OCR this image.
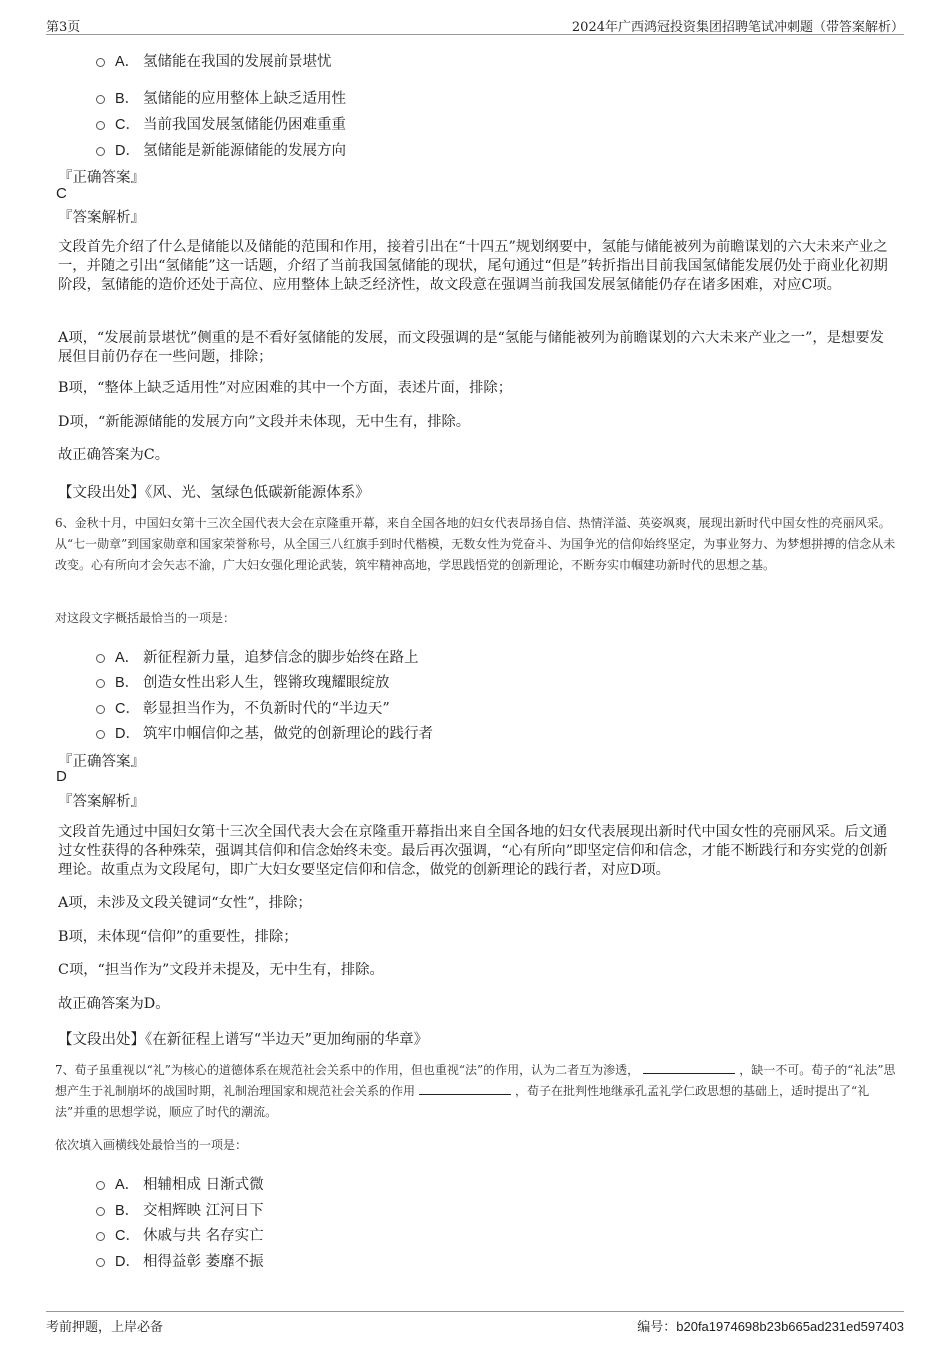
第3页	2024年广西鸿冠投资集团招聘笔试冲刺题（带答案解析）
A． 氢储能在我国的发展前景堪忧
B． 氢储能的应用整体上缺乏适用性
C． 当前我国发展氢储能仍困难重重
D． 氢储能是新能源储能的发展方向
『正确答案』
C
『答案解析』
文段首先介绍了什么是储能以及储能的范围和作用，接着引出在“十四五”规划纲要中，氢能与储能被列为前瞻谋划的六大未来产业之一，并随之引出“氢储能”这一话题，介绍了当前我国氢储能的现状，尾句通过“但是”转折指出目前我国氢储能发展仍处于商业化初期阶段，氢储能的造价还处于高位、应用整体上缺乏经济性，故文段意在强调当前我国发展氢储能仍存在诸多困难，对应C项。
A项，“发展前景堪忧”侧重的是不看好氢储能的发展，而文段强调的是“氢能与储能被列为前瞻谋划的六大未来产业之一”，是想要发展但目前仍存在一些问题，排除；
B项，“整体上缺乏适用性”对应困难的其中一个方面，表述片面，排除；
D项，“新能源储能的发展方向”文段并未体现，无中生有，排除。
故正确答案为C。
【文段出处】《风、光、氢绿色低碳新能源体系》
6、金秋十月，中国妇女第十三次全国代表大会在京隆重开幕，来自全国各地的妇女代表昂扬自信、热情洋溢、英姿飒爽，展现出新时代中国女性的亮丽风采。从“七一勋章”到国家勋章和国家荣誉称号，从全国三八红旗手到时代楷模，无数女性为党奋斗、为国争光的信仰始终坚定，为事业努力、为梦想拼搏的信念从未改变。心有所向才会矢志不渝，广大妇女强化理论武装，筑牢精神高地，学思践悟党的创新理论，不断夯实巾帼建功新时代的思想之基。
对这段文字概括最恰当的一项是：
A． 新征程新力量，追梦信念的脚步始终在路上
B． 创造女性出彩人生，铿锵玫瑰耀眼绽放
C． 彰显担当作为，不负新时代的“半边天”
D． 筑牢巾帼信仰之基，做党的创新理论的践行者
『正确答案』
D
『答案解析』
文段首先通过中国妇女第十三次全国代表大会在京隆重开幕指出来自全国各地的妇女代表展现出新时代中国女性的亮丽风采。后文通过女性获得的各种殊荣，强调其信仰和信念始终未变。最后再次强调，“心有所向”即坚定信仰和信念，才能不断践行和夯实党的创新理论。故重点为文段尾句，即广大妇女要坚定信仰和信念，做党的创新理论的践行者，对应D项。
A项，未涉及文段关键词“女性”，排除；
B项，未体现“信仰”的重要性，排除；
C项，“担当作为”文段并未提及，无中生有，排除。
故正确答案为D。
【文段出处】《在新征程上谱写“半边天”更加绚丽的华章》
7、荀子虽重视以“礼”为核心的道德体系在规范社会关系中的作用，但也重视“法”的作用，认为二者互为渗透，	，缺一不可。荀子的“礼法”思想产生于礼制崩坏的战国时期，礼制治理国家和规范社会关系的作用	，荀子在批判性地继承孔孟礼学仁政思想的基础上，适时提出了“礼法”并重的思想学说，顺应了时代的潮流。
依次填入画横线处最恰当的一项是：
A． 相辅相成 日渐式微
B． 交相辉映 江河日下
C． 休戚与共 名存实亡
D． 相得益彰 萎靡不振
考前押题，上岸必备	编号：b20fa1974698b23b665ad231ed597403
